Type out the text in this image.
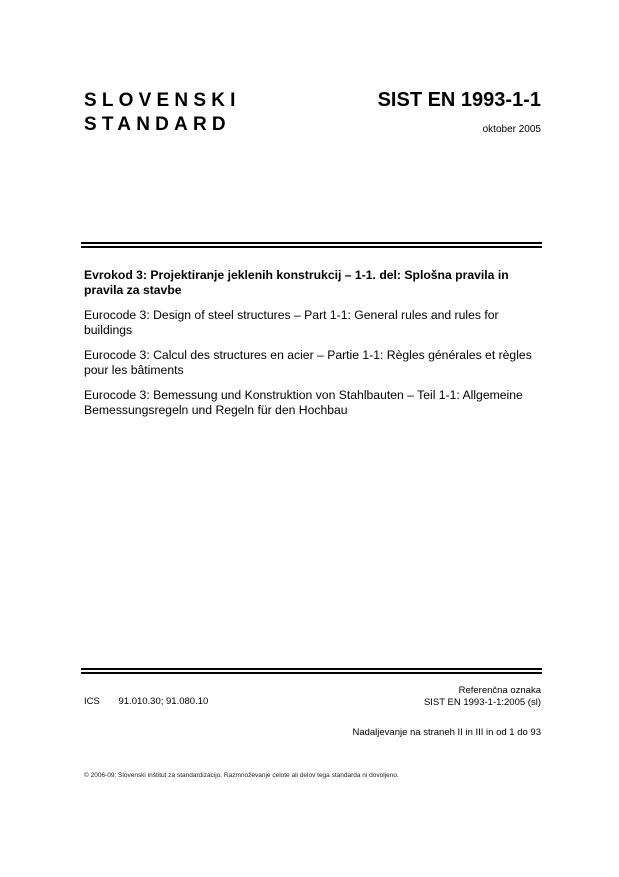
SLOVENSKI
STANDARD
SIST EN 1993-1-1
oktober 2005

Evrokod 3: Projektiranje jeklenih konstrukcij – 1-1. del: Splošna pravila in pravila za stavbe

Eurocode 3: Design of steel structures – Part 1-1: General rules and rules for buildings

Eurocode 3: Calcul des structures en acier – Partie 1-1: Règles générales et règles pour les bâtiments

Eurocode 3: Bemessung und Konstruktion von Stahlbauten – Teil 1-1: Allgemeine Bemessungsregeln und Regeln für den Hochbau

ICS 91.010.30; 91.080.10
Referenčna oznaka
SIST EN 1993-1-1:2005 (sl)
Nadaljevanje na straneh II in III in od 1 do 93
© 2006-09: Slovenski inštitut za standardizacijo. Razmnoževanje celote ali delov tega standarda ni dovoljeno.
